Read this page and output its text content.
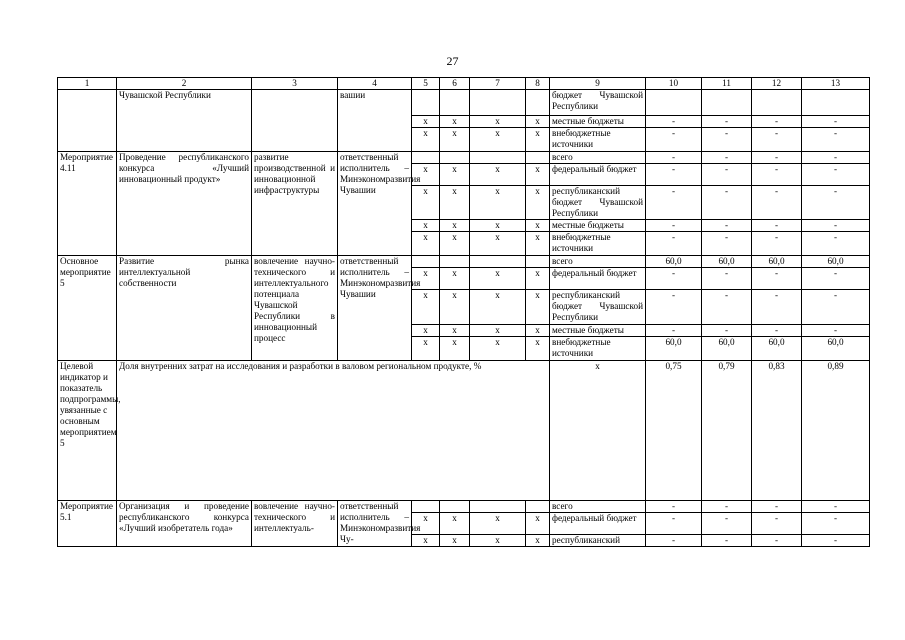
27
1	2	3	4	5	6	7	8	9	10	11	12	13
	Чувашской Республики		вашии					бюджет Чувашской Республики				
				x	x	x	x	местные бюджеты	-	-	-	-
				x	x	x	x	внебюджетные источники	-	-	-	-
Мероприятие 4.11	Проведение республиканского конкурса «Лучший инновационный продукт»	развитие производственной и инновационной инфраструктуры	ответственный исполнитель – Минэкономразвития Чувашии					всего	-	-	-	-
				x	x	x	x	федеральный бюджет	-	-	-	-
				x	x	x	x	республиканский бюджет Чувашской Республики	-	-	-	-
				x	x	x	x	местные бюджеты	-	-	-	-
				x	x	x	x	внебюджетные источники	-	-	-	-
Основное мероприятие 5	Развитие рынка интеллектуальной собственности	вовлечение научно-технического и интеллектуального потенциала Чувашской Республики в инновационный процесс	ответственный исполнитель – Минэкономразвития Чувашии					всего	60,0	60,0	60,0	60,0
				x	x	x	x	федеральный бюджет	-	-	-	-
				x	x	x	x	республиканский бюджет Чувашской Республики	-	-	-	-
				x	x	x	x	местные бюджеты	-	-	-	-
				x	x	x	x	внебюджетные источники	60,0	60,0	60,0	60,0
Целевой индикатор и показатель подпрограммы, увязанные с основным мероприятием 5	Доля внутренних затрат на исследования и разработки в валовом региональном продукте, %							x	0,75	0,79	0,83	0,89
Мероприятие 5.1	Организация и проведение республиканского конкурса «Лучший изобретатель года»	вовлечение научно-технического и интеллектуаль-	ответственный исполнитель – Минэкономразвития Чу-					всего	-	-	-	-
				x	x	x	x	федеральный бюджет	-	-	-	-
				x	x	x	x	республиканский	-	-	-	-
